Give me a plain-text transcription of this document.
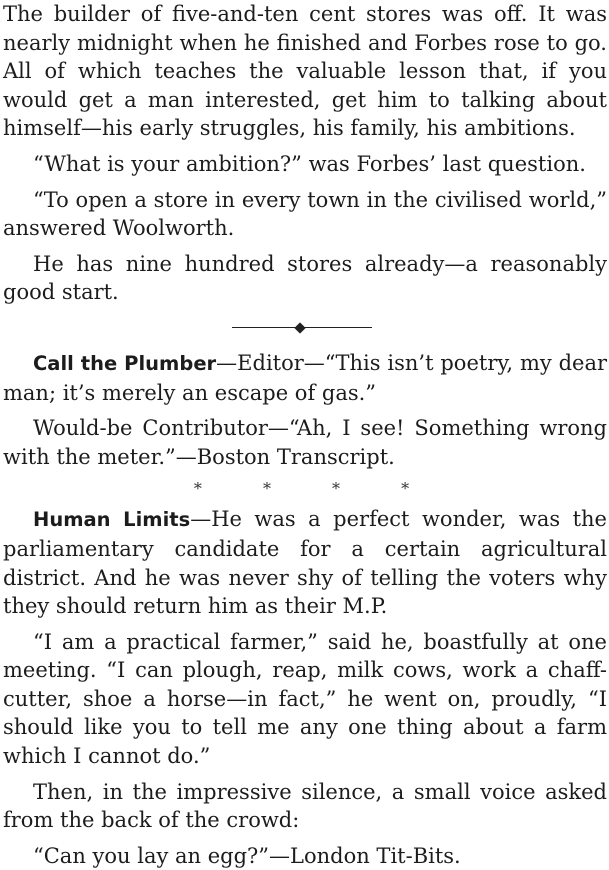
The builder of five-and-ten cent stores was off. It was nearly midnight when he finished and Forbes rose to go. All of which teaches the valuable lesson that, if you would get a man interested, get him to talking about himself—his early struggles, his family, his ambitions.

“What is your ambition?” was Forbes’ last question.

“To open a store in every town in the civilised world,” answered Woolworth.

He has nine hundred stores already—a reasonably good start.

Call the Plumber—Editor—“This isn’t poetry, my dear man; it’s merely an escape of gas.”

Would-be Contributor—“Ah, I see! Something wrong with the meter.”—Boston Transcript.

* * * *

Human Limits—He was a perfect wonder, was the parliamentary candidate for a certain agricultural district. And he was never shy of telling the voters why they should return him as their M.P.

“I am a practical farmer,” said he, boastfully at one meeting. “I can plough, reap, milk cows, work a chaff-cutter, shoe a horse—in fact,” he went on, proudly, “I should like you to tell me any one thing about a farm which I cannot do.”

Then, in the impressive silence, a small voice asked from the back of the crowd:

“Can you lay an egg?”—London Tit-Bits.
